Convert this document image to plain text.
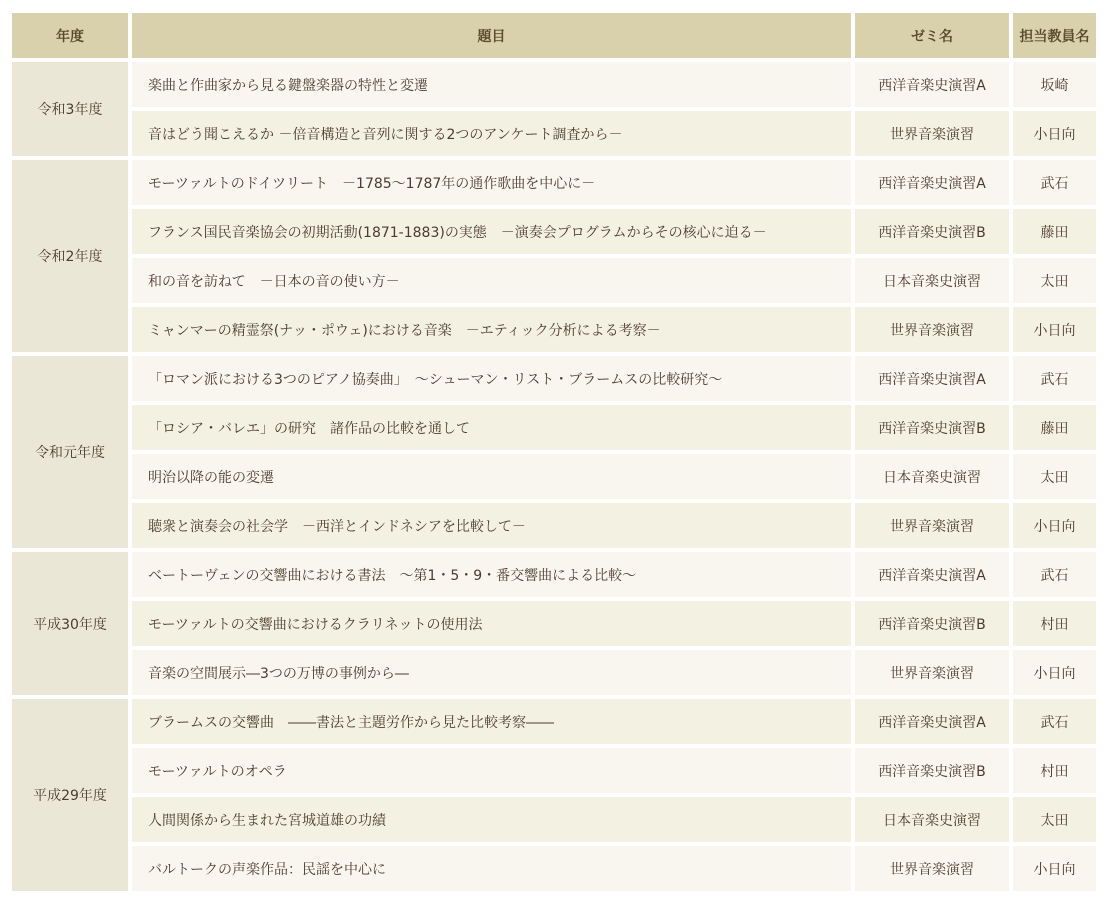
年度	題目	ゼミ名	担当教員名
令和3年度	楽曲と作曲家から見る鍵盤楽器の特性と変遷	西洋音楽史演習A	坂崎
	音はどう聞こえるか －倍音構造と音列に関する2つのアンケート調査から－	世界音楽演習	小日向
令和2年度	モーツァルトのドイツリート　－1785～1787年の通作歌曲を中心に－	西洋音楽史演習A	武石
	フランス国民音楽協会の初期活動(1871-1883)の実態　－演奏会プログラムからその核心に迫る－	西洋音楽史演習B	藤田
	和の音を訪ねて　－日本の音の使い方－	日本音楽史演習	太田
	ミャンマーの精霊祭(ナッ・ポウェ)における音楽　－エティック分析による考察－	世界音楽演習	小日向
令和元年度	「ロマン派における3つのピアノ協奏曲」　～シューマン・リスト・ブラームスの比較研究～	西洋音楽史演習A	武石
	「ロシア・バレエ」の研究　諸作品の比較を通して	西洋音楽史演習B	藤田
	明治以降の能の変遷	日本音楽史演習	太田
	聴衆と演奏会の社会学　－西洋とインドネシアを比較して－	世界音楽演習	小日向
平成30年度	ベートーヴェンの交響曲における書法　～第1・5・9・番交響曲による比較～	西洋音楽史演習A	武石
	モーツァルトの交響曲におけるクラリネットの使用法	西洋音楽史演習B	村田
	音楽の空間展示―3つの万博の事例から―	世界音楽演習	小日向
平成29年度	ブラームスの交響曲　――書法と主題労作から見た比較考察――	西洋音楽史演習A	武石
	モーツァルトのオペラ	西洋音楽史演習B	村田
	人間関係から生まれた宮城道雄の功績	日本音楽史演習	太田
	バルトークの声楽作品：民謡を中心に	世界音楽演習	小日向
